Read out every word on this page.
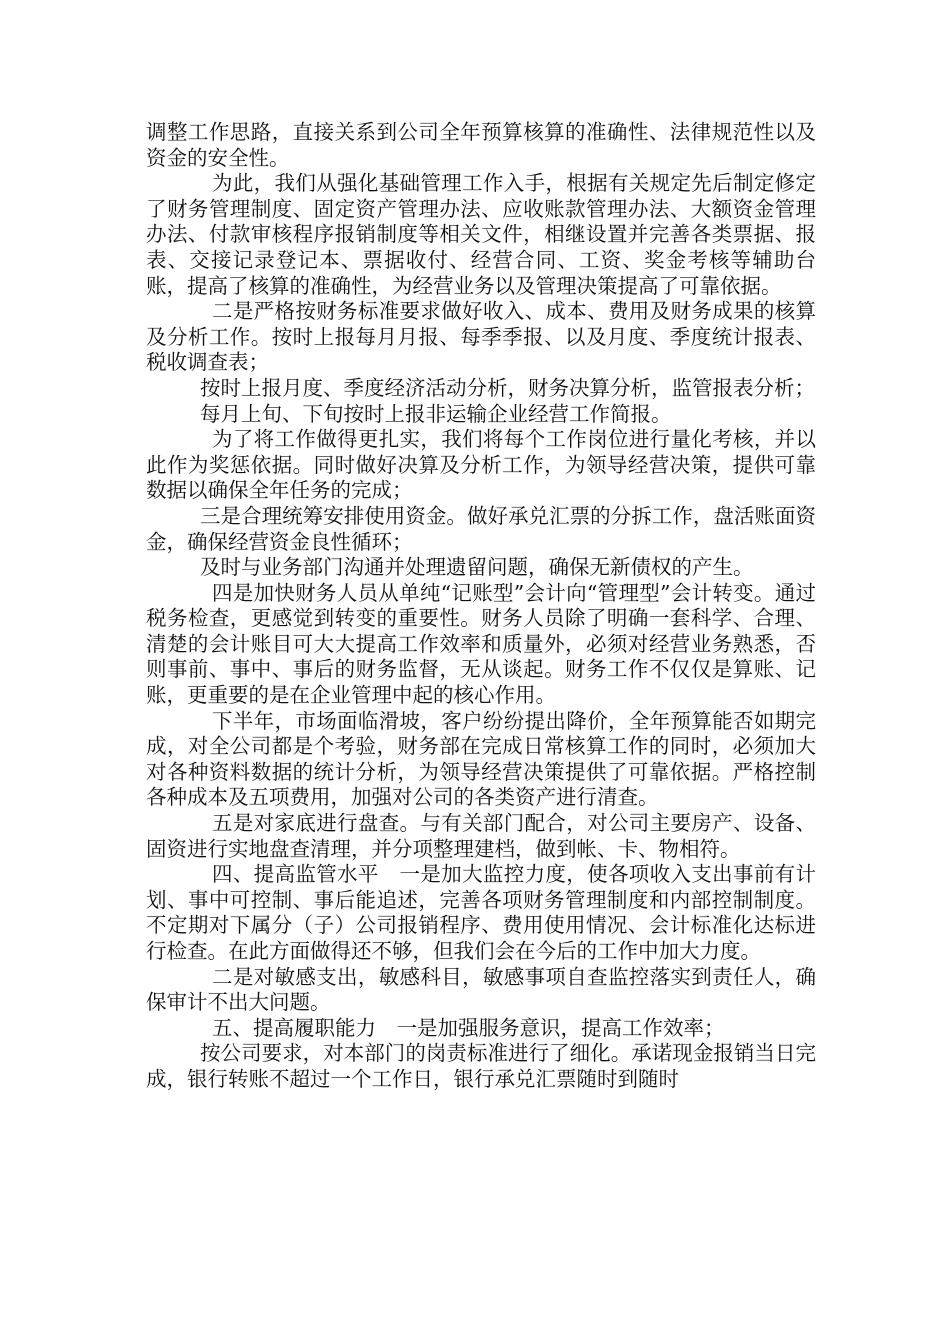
调整工作思路，直接关系到公司全年预算核算的准确性、法律规范性以及资金的安全性。

为此，我们从强化基础管理工作入手，根据有关规定先后制定修定了财务管理制度、固定资产管理办法、应收账款管理办法、大额资金管理办法、付款审核程序报销制度等相关文件，相继设置并完善各类票据、报表、交接记录登记本、票据收付、经营合同、工资、奖金考核等辅助台账，提高了核算的准确性，为经营业务以及管理决策提高了可靠依据。

二是严格按财务标准要求做好收入、成本、费用及财务成果的核算及分析工作。按时上报每月月报、每季季报、以及月度、季度统计报表、税收调查表；

按时上报月度、季度经济活动分析，财务决算分析，监管报表分析；

每月上旬、下旬按时上报非运输企业经营工作简报。

为了将工作做得更扎实，我们将每个工作岗位进行量化考核，并以此作为奖惩依据。同时做好决算及分析工作，为领导经营决策，提供可靠数据以确保全年任务的完成；

三是合理统筹安排使用资金。做好承兑汇票的分拆工作，盘活账面资金，确保经营资金良性循环；

及时与业务部门沟通并处理遗留问题，确保无新债权的产生。

四是加快财务人员从单纯“记账型”会计向“管理型”会计转变。通过税务检查，更感觉到转变的重要性。财务人员除了明确一套科学、合理、清楚的会计账目可大大提高工作效率和质量外，必须对经营业务熟悉，否则事前、事中、事后的财务监督，无从谈起。财务工作不仅仅是算账、记账，更重要的是在企业管理中起的核心作用。

下半年，市场面临滑坡，客户纷纷提出降价，全年预算能否如期完成，对全公司都是个考验，财务部在完成日常核算工作的同时，必须加大对各种资料数据的统计分析，为领导经营决策提供了可靠依据。严格控制各种成本及五项费用，加强对公司的各类资产进行清查。

五是对家底进行盘查。与有关部门配合，对公司主要房产、设备、固资进行实地盘查清理，并分项整理建档，做到帐、卡、物相符。

四、提高监管水平　一是加大监控力度，使各项收入支出事前有计划、事中可控制、事后能追述，完善各项财务管理制度和内部控制制度。不定期对下属分（子）公司报销程序、费用使用情况、会计标准化达标进行检查。在此方面做得还不够，但我们会在今后的工作中加大力度。

二是对敏感支出，敏感科目，敏感事项自查监控落实到责任人，确保审计不出大问题。

五、提高履职能力　一是加强服务意识，提高工作效率；

按公司要求，对本部门的岗责标准进行了细化。承诺现金报销当日完成，银行转账不超过一个工作日，银行承兑汇票随时到随时
